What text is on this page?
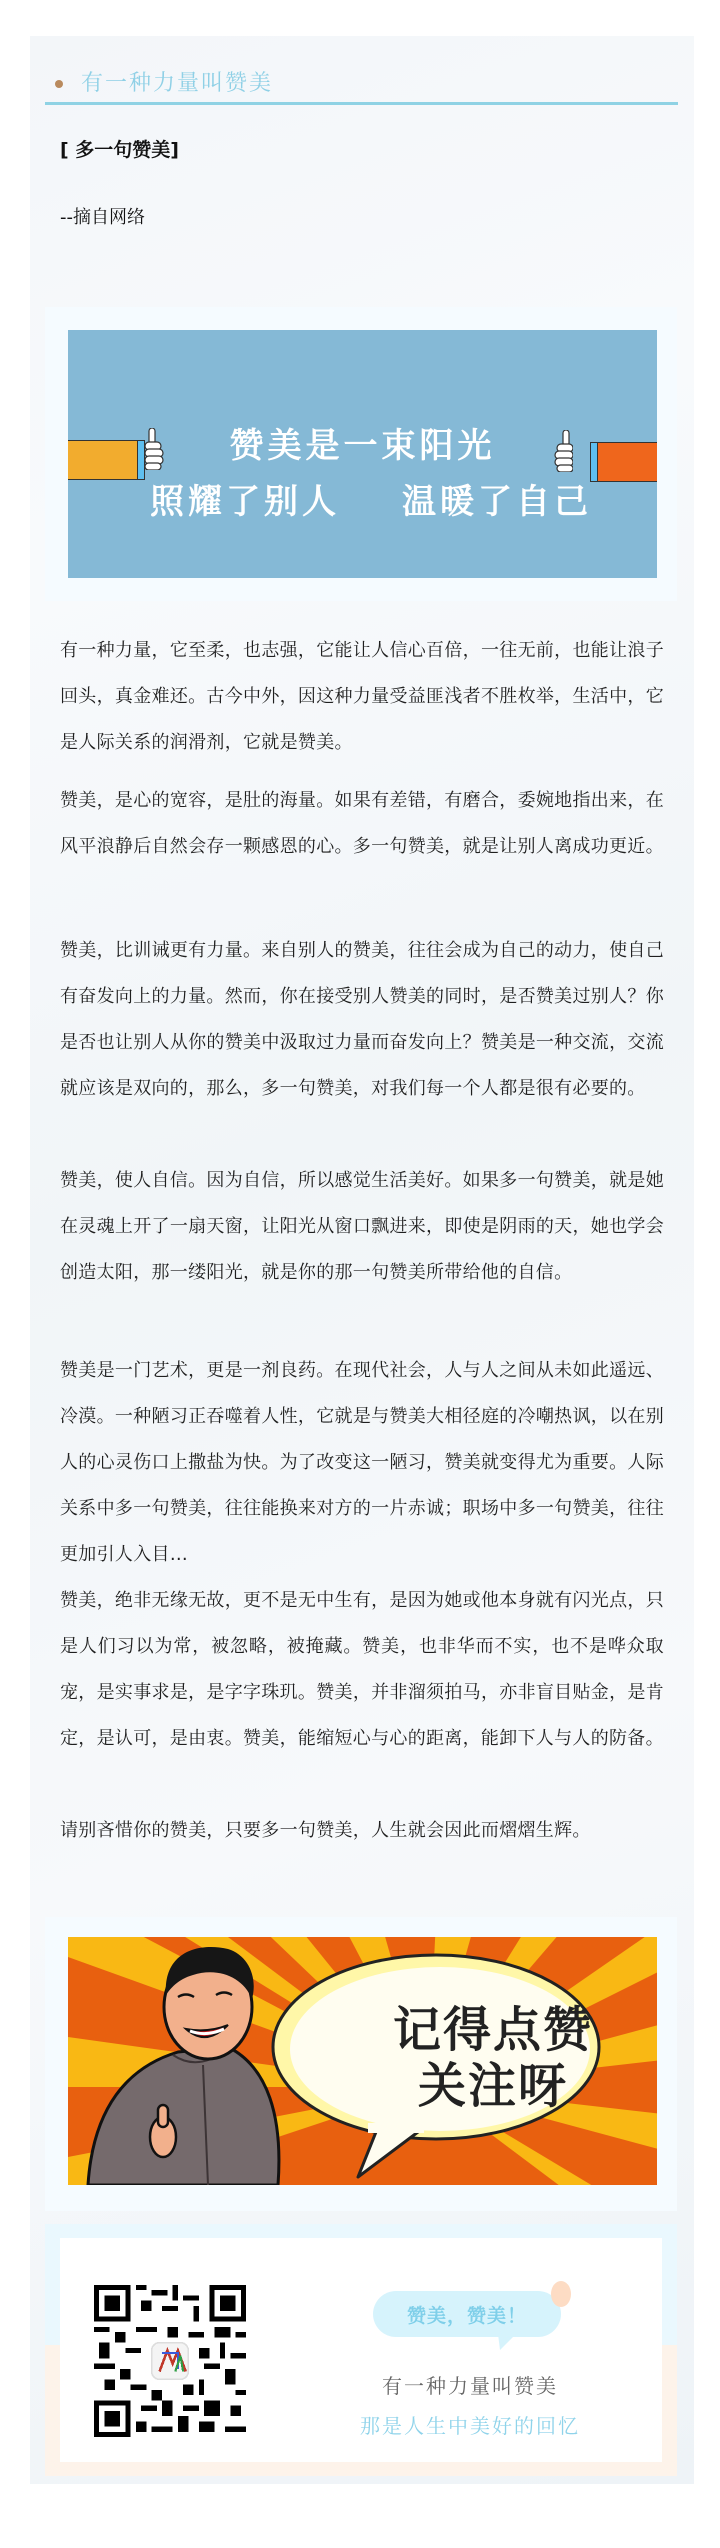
有一种力量叫赞美
[ 多一句赞美]
--摘自网络
赞美是一束阳光
照耀了别人 温暖了自己

有一种力量，它至柔，也志强，它能让人信心百倍，一往无前，也能让浪子回头，真金难还。古今中外，因这种力量受益匪浅者不胜枚举，生活中，它是人际关系的润滑剂，它就是赞美。

赞美，是心的宽容，是肚的海量。如果有差错，有磨合，委婉地指出来，在风平浪静后自然会存一颗感恩的心。多一句赞美，就是让别人离成功更近。

赞美，比训诫更有力量。来自别人的赞美，往往会成为自己的动力，使自己有奋发向上的力量。然而，你在接受别人赞美的同时，是否赞美过别人？你是否也让别人从你的赞美中汲取过力量而奋发向上？赞美是一种交流，交流就应该是双向的，那么，多一句赞美，对我们每一个人都是很有必要的。

赞美，使人自信。因为自信，所以感觉生活美好。如果多一句赞美，就是她在灵魂上开了一扇天窗，让阳光从窗口飘进来，即使是阴雨的天，她也学会创造太阳，那一缕阳光，就是你的那一句赞美所带给他的自信。

赞美是一门艺术，更是一剂良药。在现代社会，人与人之间从未如此遥远、冷漠。一种陋习正吞噬着人性，它就是与赞美大相径庭的冷嘲热讽，以在别人的心灵伤口上撒盐为快。为了改变这一陋习，赞美就变得尤为重要。人际关系中多一句赞美，往往能换来对方的一片赤诚；职场中多一句赞美，往往更加引人入目…

赞美，绝非无缘无故，更不是无中生有，是因为她或他本身就有闪光点，只是人们习以为常，被忽略，被掩藏。赞美，也非华而不实，也不是哗众取宠，是实事求是，是字字珠玑。赞美，并非溜须拍马，亦非盲目贴金，是肯定，是认可，是由衷。赞美，能缩短心与心的距离，能卸下人与人的防备。

请别吝惜你的赞美，只要多一句赞美，人生就会因此而熠熠生辉。

记得点赞
关注呀
赞美，赞美！
有一种力量叫赞美
那是人生中美好的回忆
